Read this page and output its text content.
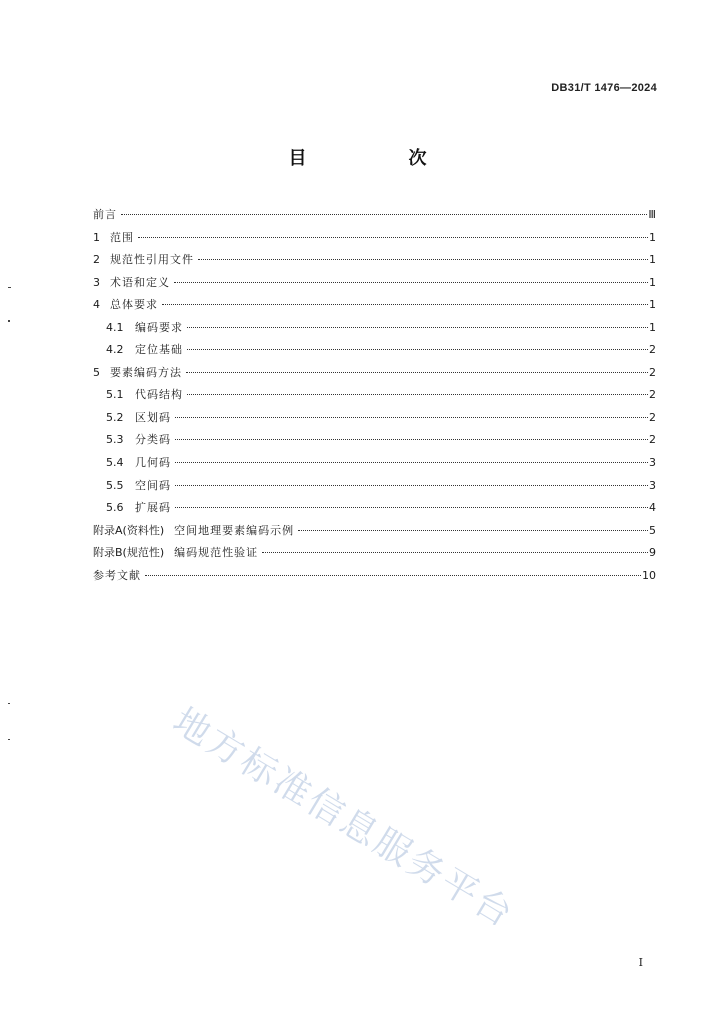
DB31/T 1476—2024
目　次
前言	Ⅲ
1 范围	1
2 规范性引用文件	1
3 术语和定义	1
4 总体要求	1
4.1	编码要求	1
4.2	定位基础	2
5 要素编码方法	2
5.1	代码结构	2
5.2	区划码	2
5.3	分类码	2
5.4	几何码	3
5.5	空间码	3
5.6	扩展码	4
附录A(资料性) 空间地理要素编码示例	5
附录B(规范性) 编码规范性验证	9
参考文献	10
地方标准信息服务平台
I
